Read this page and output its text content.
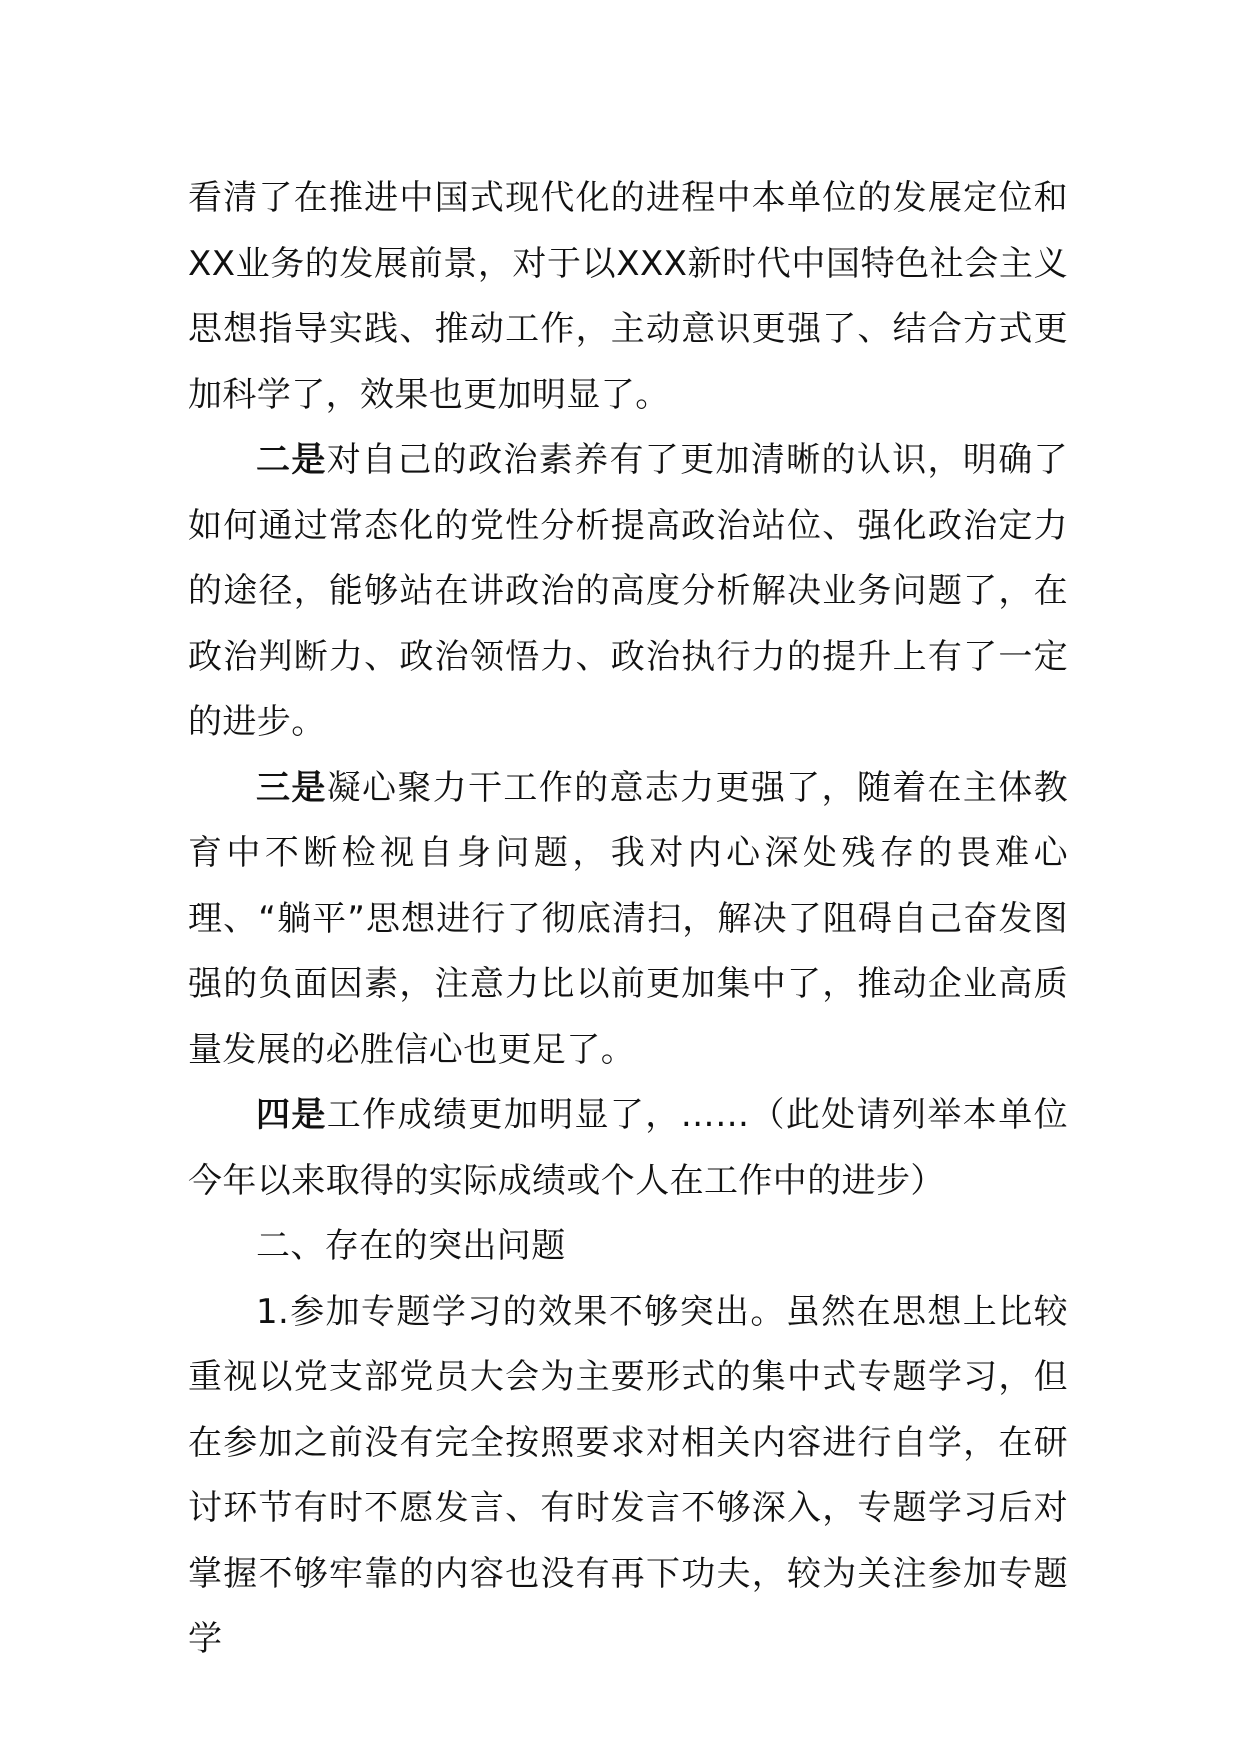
看清了在推进中国式现代化的进程中本单位的发展定位和XX业务的发展前景，对于以XXX新时代中国特色社会主义思想指导实践、推动工作，主动意识更强了、结合方式更加科学了，效果也更加明显了。

二是对自己的政治素养有了更加清晰的认识，明确了如何通过常态化的党性分析提高政治站位、强化政治定力的途径，能够站在讲政治的高度分析解决业务问题了，在政治判断力、政治领悟力、政治执行力的提升上有了一定的进步。

三是凝心聚力干工作的意志力更强了，随着在主体教育中不断检视自身问题，我对内心深处残存的畏难心理、“躺平”思想进行了彻底清扫，解决了阻碍自己奋发图强的负面因素，注意力比以前更加集中了，推动企业高质量发展的必胜信心也更足了。

四是工作成绩更加明显了，……（此处请列举本单位今年以来取得的实际成绩或个人在工作中的进步）

二、存在的突出问题

1.参加专题学习的效果不够突出。虽然在思想上比较重视以党支部党员大会为主要形式的集中式专题学习，但在参加之前没有完全按照要求对相关内容进行自学，在研讨环节有时不愿发言、有时发言不够深入，专题学习后对掌握不够牢靠的内容也没有再下功夫，较为关注参加专题学
